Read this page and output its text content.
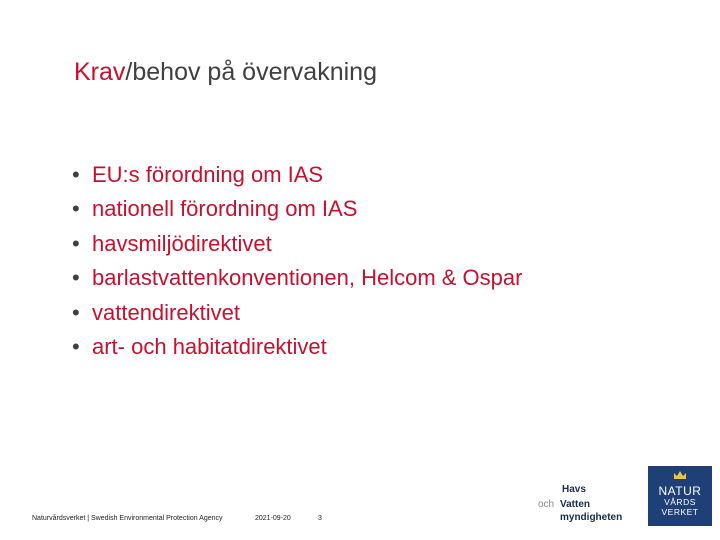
Krav/behov på övervakning
• EU:s förordning om IAS
• nationell förordning om IAS
• havsmiljödirektivet
• barlastvattenkonventionen, Helcom & Ospar
• vattendirektivet
• art- och habitatdirektivet
Naturvårdsverket | Swedish Environmental Protection Agency	2021-09-20	3
Havs
och Vatten
myndigheten
NATUR
VÅRDS
VERKET
